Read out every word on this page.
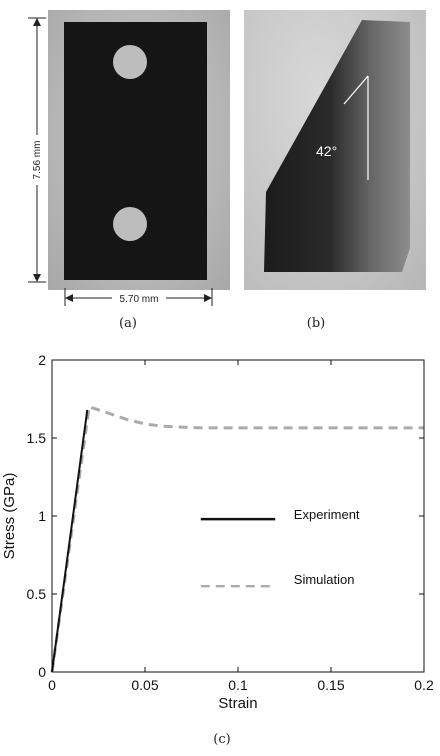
7.56 mm
5.70 mm
(a)
42°
(b)
0	0.05	0.1	0.15	0.2
0
0.5
1
1.5
2
Strain
Stress (GPa)	Experiment
Simulation
(c)
